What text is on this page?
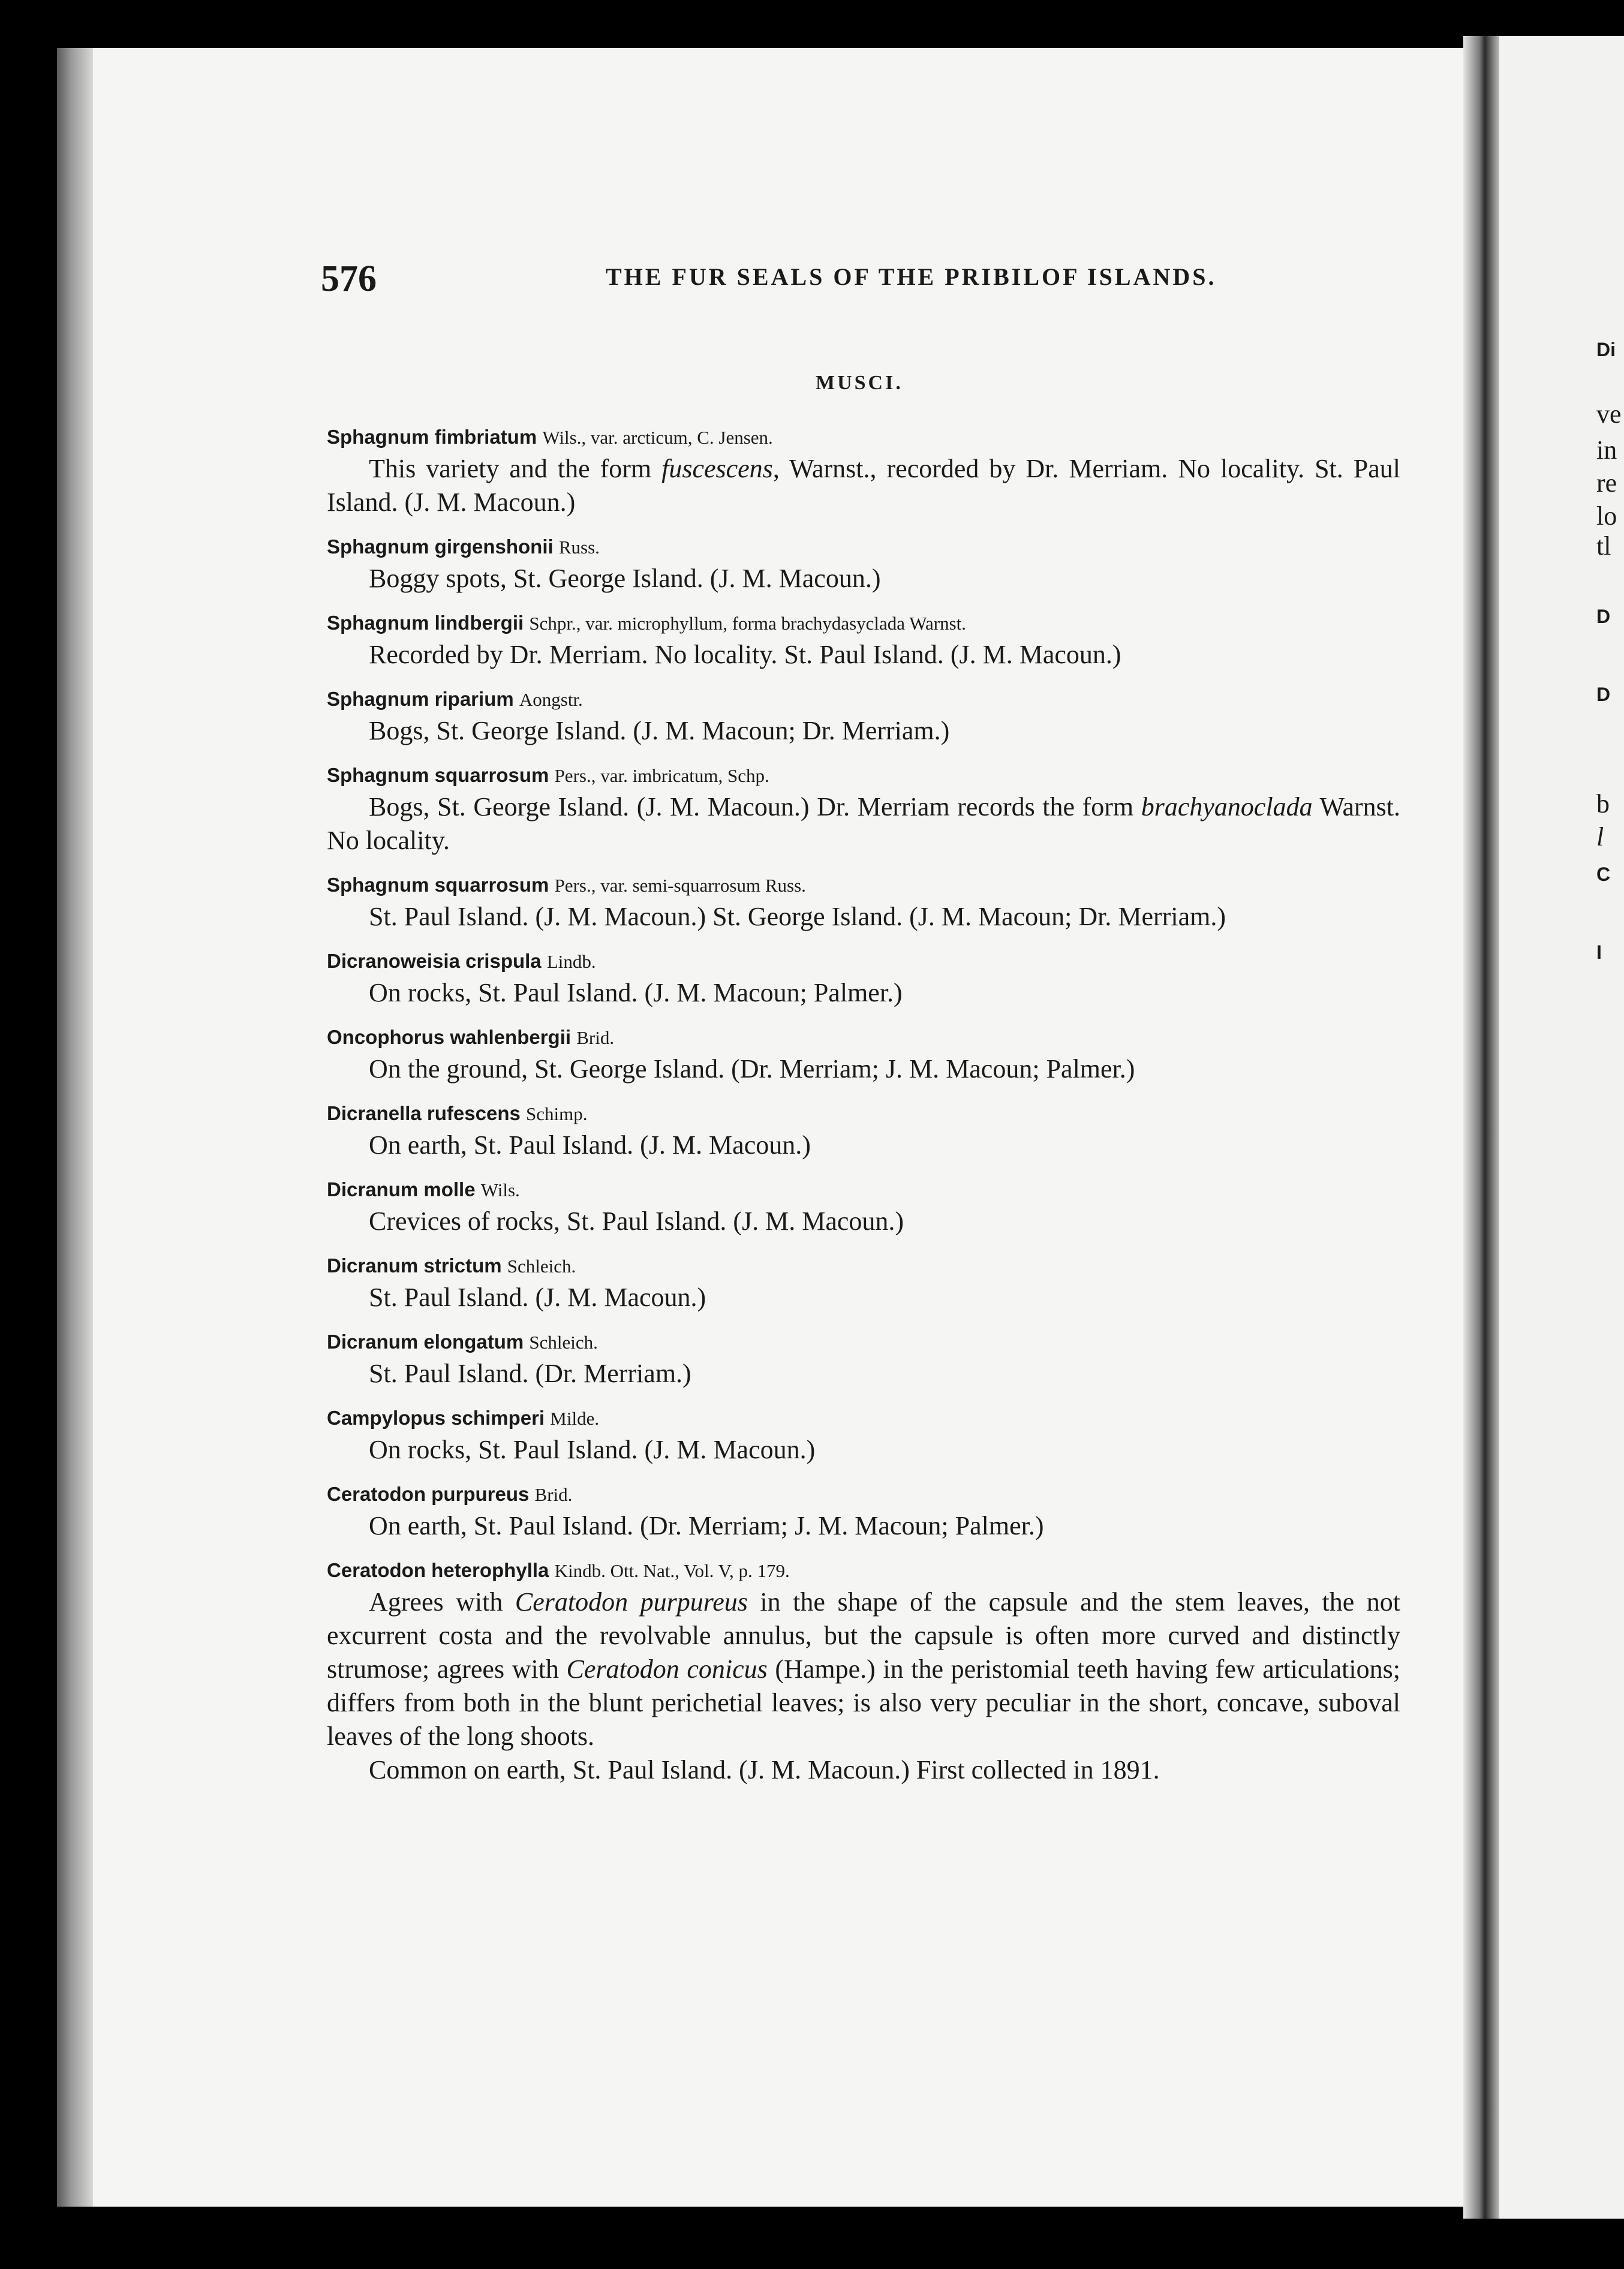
576	THE FUR SEALS OF THE PRIBILOF ISLANDS.
MUSCI.
Sphagnum fimbriatum Wils., var. arcticum, C. Jensen.
This variety and the form fuscescens, Warnst., recorded by Dr. Merriam. No locality. St. Paul Island. (J. M. Macoun.)
Sphagnum girgenshonii Russ.
Boggy spots, St. George Island. (J. M. Macoun.)
Sphagnum lindbergii Schpr., var. microphyllum, forma brachydasyclada Warnst.
Recorded by Dr. Merriam. No locality. St. Paul Island. (J. M. Macoun.)
Sphagnum riparium Aongstr.
Bogs, St. George Island. (J. M. Macoun; Dr. Merriam.)
Sphagnum squarrosum Pers., var. imbricatum, Schp.
Bogs, St. George Island. (J. M. Macoun.) Dr. Merriam records the form brachyanoclada Warnst. No locality.
Sphagnum squarrosum Pers., var. semi-squarrosum Russ.
St. Paul Island. (J. M. Macoun.) St. George Island. (J. M. Macoun; Dr. Merriam.)
Dicranoweisia crispula Lindb.
On rocks, St. Paul Island. (J. M. Macoun; Palmer.)
Oncophorus wahlenbergii Brid.
On the ground, St. George Island. (Dr. Merriam; J. M. Macoun; Palmer.)
Dicranella rufescens Schimp.
On earth, St. Paul Island. (J. M. Macoun.)
Dicranum molle Wils.
Crevices of rocks, St. Paul Island. (J. M. Macoun.)
Dicranum strictum Schleich.
St. Paul Island. (J. M. Macoun.)
Dicranum elongatum Schleich.
St. Paul Island. (Dr. Merriam.)
Campylopus schimperi Milde.
On rocks, St. Paul Island. (J. M. Macoun.)
Ceratodon purpureus Brid.
On earth, St. Paul Island. (Dr. Merriam; J. M. Macoun; Palmer.)
Ceratodon heterophylla Kindb. Ott. Nat., Vol. V, p. 179.
Agrees with Ceratodon purpureus in the shape of the capsule and the stem leaves, the not excurrent costa and the revolvable annulus, but the capsule is often more curved and distinctly strumose; agrees with Ceratodon conicus (Hampe.) in the peristomial teeth having few articulations; differs from both in the blunt perichetial leaves; is also very peculiar in the short, concave, suboval leaves of the long shoots.
Common on earth, St. Paul Island. (J. M. Macoun.) First collected in 1891.
Di
ve
in
re
lo
tl
D
D
b
l
C
I
